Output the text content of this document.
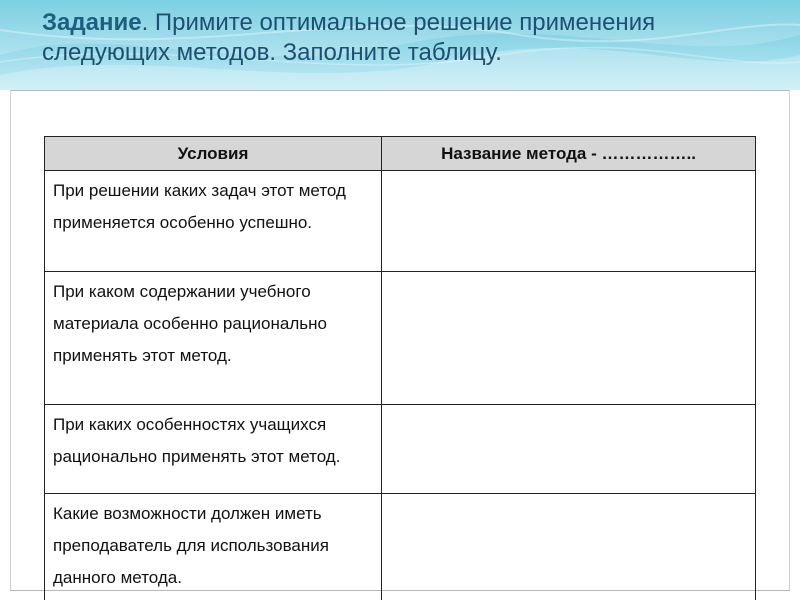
Задание. Примите оптимальное решение применения следующих методов. Заполните таблицу.
Условия	Название метода - ……………..
При решении каких задач этот метод применяется особенно успешно.	
При каком содержании учебного материала особенно рационально применять этот метод.	
При каких особенностях учащихся рационально применять этот метод.	
Какие возможности должен иметь преподаватель для использования данного метода.	
